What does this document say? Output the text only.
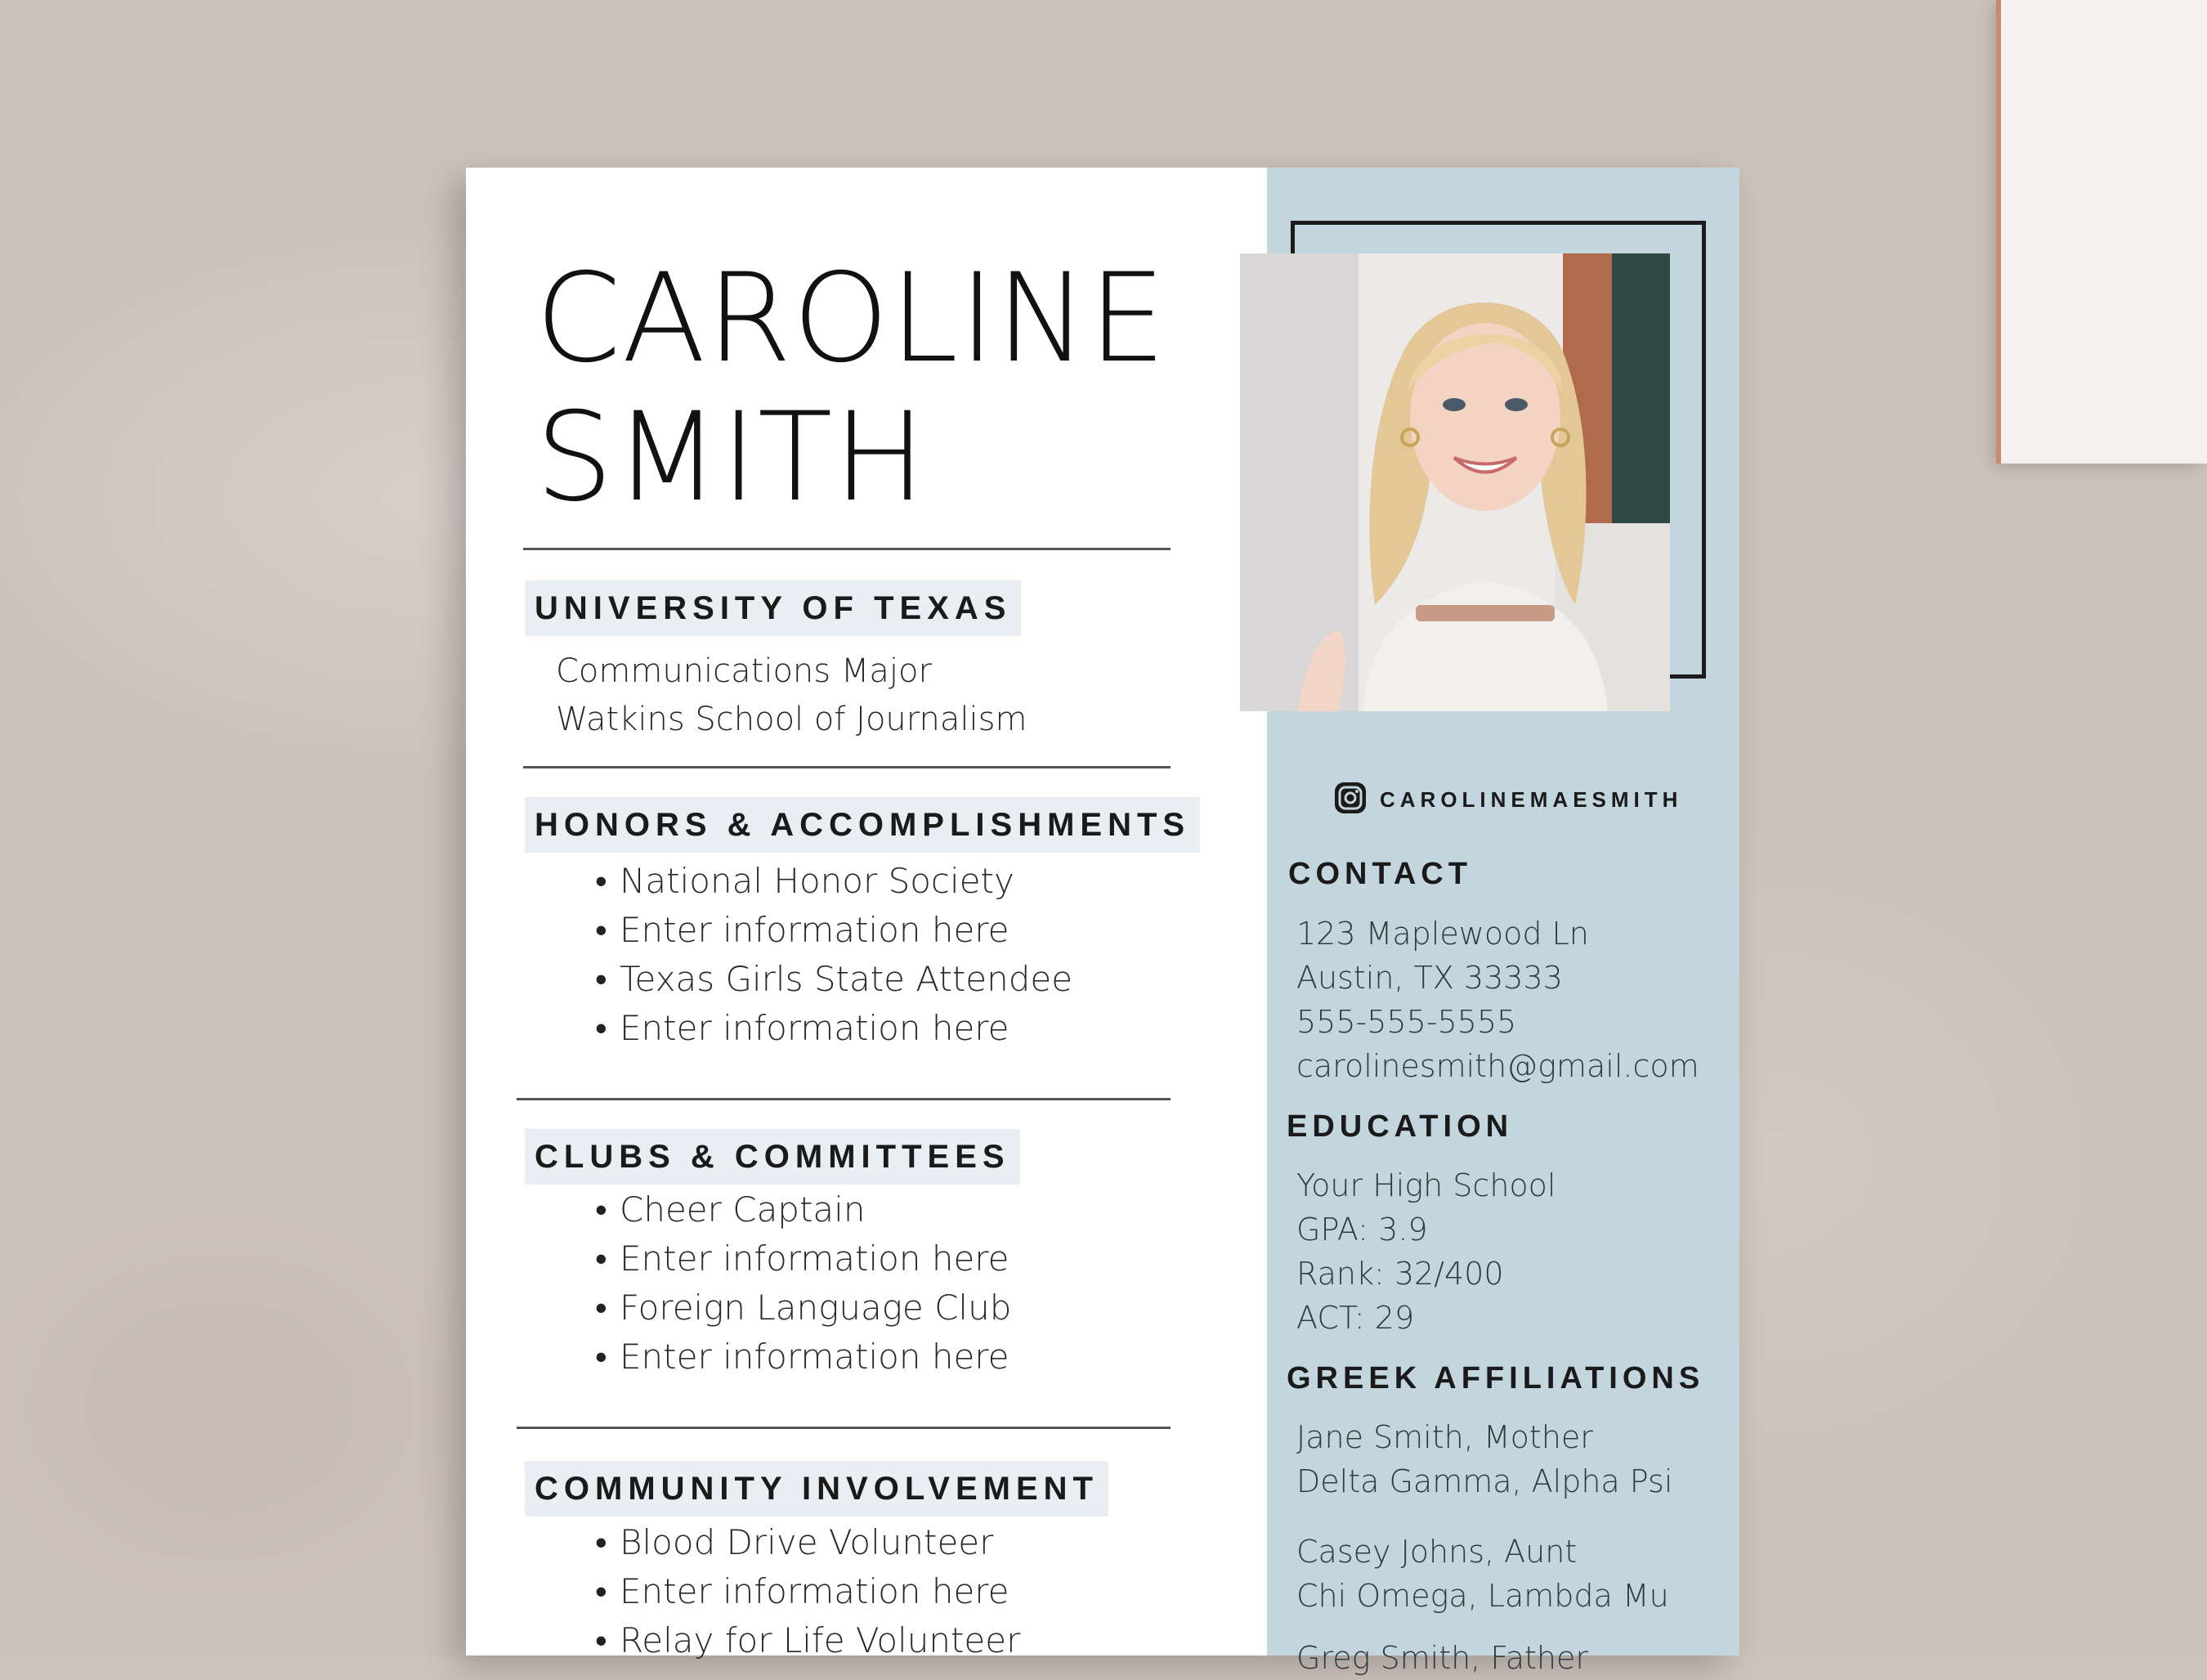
CAROLINE
SMITH
UNIVERSITY OF TEXAS
Communications Major
Watkins School of Journalism
HONORS & ACCOMPLISHMENTS
• National Honor Society
• Enter information here
• Texas Girls State Attendee
• Enter information here
CLUBS & COMMITTEES
• Cheer Captain
• Enter information here
• Foreign Language Club
• Enter information here
COMMUNITY INVOLVEMENT
• Blood Drive Volunteer
• Enter information here
• Relay for Life Volunteer
CAROLINEMAESMITH
CONTACT
123 Maplewood Ln
Austin, TX 33333
555-555-5555
carolinesmith@gmail.com
EDUCATION
Your High School
GPA: 3.9
Rank: 32/400
ACT: 29
GREEK AFFILIATIONS
Jane Smith, Mother
Delta Gamma, Alpha Psi
Casey Johns, Aunt
Chi Omega, Lambda Mu
Greg Smith, Father
